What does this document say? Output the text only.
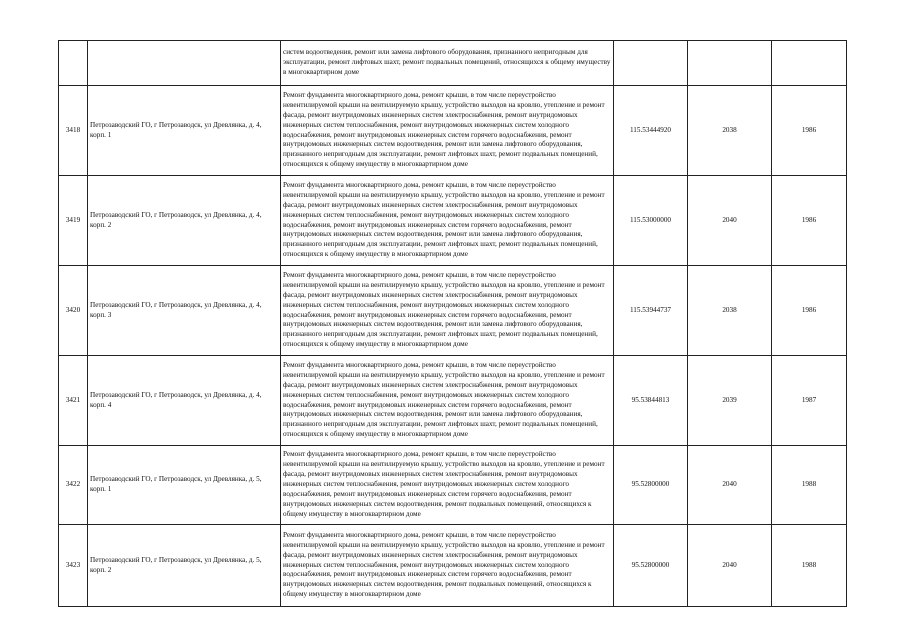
		систем водоотведения, ремонт или замена лифтового оборудования, признанного непригодным для эксплуатации, ремонт лифтовых шахт, ремонт подвальных помещений, относящихся к общему имуществу в многоквартирном доме			
3418	Петрозаводский ГО, г Петрозаводск, ул Древлянка, д. 4, корп. 1	Ремонт фундамента многоквартирного дома, ремонт крыши, в том числе переустройство невентилируемой крыши на вентилируемую крышу, устройство выходов на кровлю, утепление и ремонт фасада, ремонт внутридомовых инженерных систем электроснабжения, ремонт внутридомовых инженерных систем теплоснабжения, ремонт внутридомовых инженерных систем холодного водоснабжения, ремонт внутридомовых инженерных систем горячего водоснабжения, ремонт внутридомовых инженерных систем водоотведения, ремонт или замена лифтового оборудования, признанного непригодным для эксплуатации, ремонт лифтовых шахт, ремонт подвальных помещений, относящихся к общему имуществу в многоквартирном доме	115.53444920	2038	1986
3419	Петрозаводский ГО, г Петрозаводск, ул Древлянка, д. 4, корп. 2	Ремонт фундамента многоквартирного дома, ремонт крыши, в том числе переустройство невентилируемой крыши на вентилируемую крышу, устройство выходов на кровлю, утепление и ремонт фасада, ремонт внутридомовых инженерных систем электроснабжения, ремонт внутридомовых инженерных систем теплоснабжения, ремонт внутридомовых инженерных систем холодного водоснабжения, ремонт внутридомовых инженерных систем горячего водоснабжения, ремонт внутридомовых инженерных систем водоотведения, ремонт или замена лифтового оборудования, признанного непригодным для эксплуатации, ремонт лифтовых шахт, ремонт подвальных помещений, относящихся к общему имуществу в многоквартирном доме	115.53000000	2040	1986
3420	Петрозаводский ГО, г Петрозаводск, ул Древлянка, д. 4, корп. 3	Ремонт фундамента многоквартирного дома, ремонт крыши, в том числе переустройство невентилируемой крыши на вентилируемую крышу, устройство выходов на кровлю, утепление и ремонт фасада, ремонт внутридомовых инженерных систем электроснабжения, ремонт внутридомовых инженерных систем теплоснабжения, ремонт внутридомовых инженерных систем холодного водоснабжения, ремонт внутридомовых инженерных систем горячего водоснабжения, ремонт внутридомовых инженерных систем водоотведения, ремонт или замена лифтового оборудования, признанного непригодным для эксплуатации, ремонт лифтовых шахт, ремонт подвальных помещений, относящихся к общему имуществу в многоквартирном доме	115.53944737	2038	1986
3421	Петрозаводский ГО, г Петрозаводск, ул Древлянка, д. 4, корп. 4	Ремонт фундамента многоквартирного дома, ремонт крыши, в том числе переустройство невентилируемой крыши на вентилируемую крышу, устройство выходов на кровлю, утепление и ремонт фасада, ремонт внутридомовых инженерных систем электроснабжения, ремонт внутридомовых инженерных систем теплоснабжения, ремонт внутридомовых инженерных систем холодного водоснабжения, ремонт внутридомовых инженерных систем горячего водоснабжения, ремонт внутридомовых инженерных систем водоотведения, ремонт или замена лифтового оборудования, признанного непригодным для эксплуатации, ремонт лифтовых шахт, ремонт подвальных помещений, относящихся к общему имуществу в многоквартирном доме	95.53844813	2039	1987
3422	Петрозаводский ГО, г Петрозаводск, ул Древлянка, д. 5, корп. 1	Ремонт фундамента многоквартирного дома, ремонт крыши, в том числе переустройство невентилируемой крыши на вентилируемую крышу, устройство выходов на кровлю, утепление и ремонт фасада, ремонт внутридомовых инженерных систем электроснабжения, ремонт внутридомовых инженерных систем теплоснабжения, ремонт внутридомовых инженерных систем холодного водоснабжения, ремонт внутридомовых инженерных систем горячего водоснабжения, ремонт внутридомовых инженерных систем водоотведения, ремонт подвальных помещений, относящихся к общему имуществу в многоквартирном доме	95.52800000	2040	1988
3423	Петрозаводский ГО, г Петрозаводск, ул Древлянка, д. 5, корп. 2	Ремонт фундамента многоквартирного дома, ремонт крыши, в том числе переустройство невентилируемой крыши на вентилируемую крышу, устройство выходов на кровлю, утепление и ремонт фасада, ремонт внутридомовых инженерных систем электроснабжения, ремонт внутридомовых инженерных систем теплоснабжения, ремонт внутридомовых инженерных систем холодного водоснабжения, ремонт внутридомовых инженерных систем горячего водоснабжения, ремонт внутридомовых инженерных систем водоотведения, ремонт подвальных помещений, относящихся к общему имуществу в многоквартирном доме	95.52800000	2040	1988
